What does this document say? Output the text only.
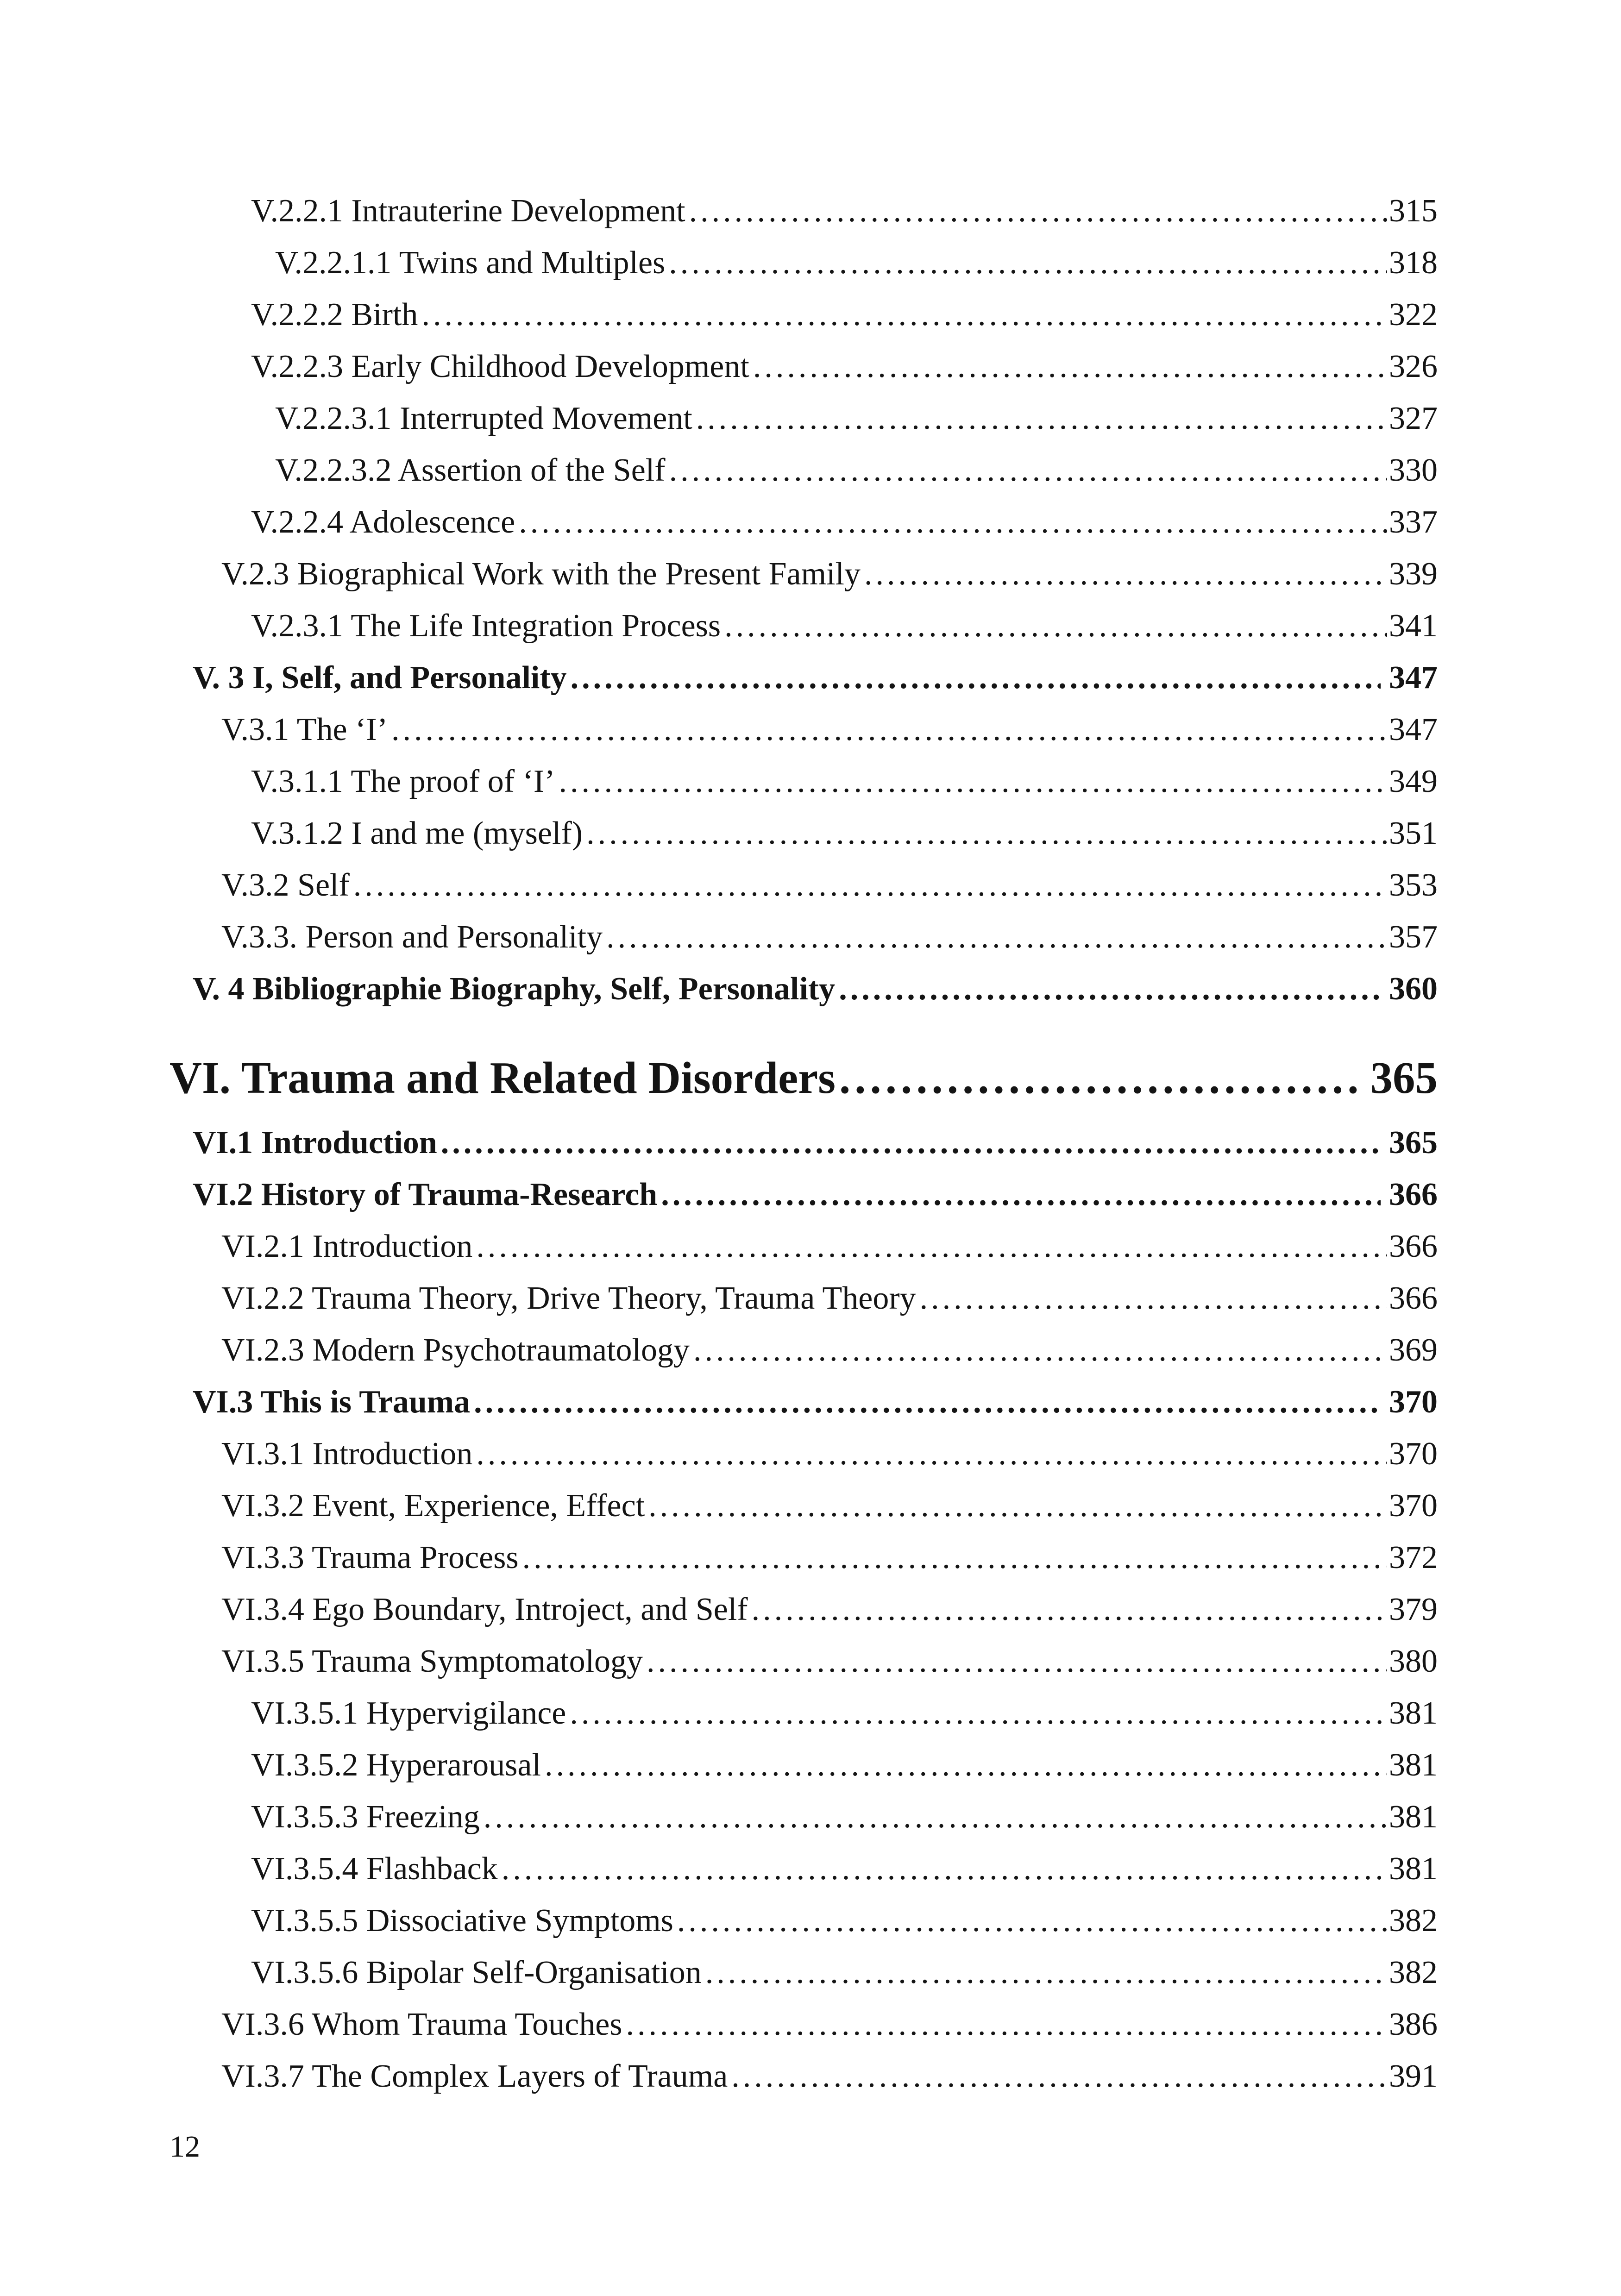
V.2.2.1 Intrauterine Development .....	315
V.2.2.1.1 Twins and Multiples .....	318
V.2.2.2 Birth .....	322
V.2.2.3 Early Childhood Development .....	326
V.2.2.3.1 Interrupted Movement .....	327
V.2.2.3.2 Assertion of the Self .....	330
V.2.2.4 Adolescence .....	337
V.2.3 Biographical Work with the Present Family .....	339
V.2.3.1 The Life Integration Process .....	341
V. 3 I, Self, and Personality .....	347
V.3.1 The ‘I’ .....	347
V.3.1.1 The proof of ‘I’ .....	349
V.3.1.2 I and me (myself) .....	351
V.3.2 Self .....	353
V.3.3. Person and Personality .....	357
V. 4 Bibliographie Biography, Self, Personality .....	360
VI. Trauma and Related Disorders .....	365
VI.1 Introduction .....	365
VI.2 History of Trauma-Research .....	366
VI.2.1 Introduction .....	366
VI.2.2 Trauma Theory, Drive Theory, Trauma Theory .....	366
VI.2.3 Modern Psychotraumatology .....	369
VI.3 This is Trauma .....	370
VI.3.1 Introduction .....	370
VI.3.2 Event, Experience, Effect .....	370
VI.3.3 Trauma Process .....	372
VI.3.4 Ego Boundary, Introject, and Self .....	379
VI.3.5 Trauma Symptomatology .....	380
VI.3.5.1 Hypervigilance .....	381
VI.3.5.2 Hyperarousal .....	381
VI.3.5.3 Freezing .....	381
VI.3.5.4 Flashback .....	381
VI.3.5.5 Dissociative Symptoms .....	382
VI.3.5.6 Bipolar Self-Organisation .....	382
VI.3.6 Whom Trauma Touches .....	386
VI.3.7 The Complex Layers of Trauma .....	391
12
